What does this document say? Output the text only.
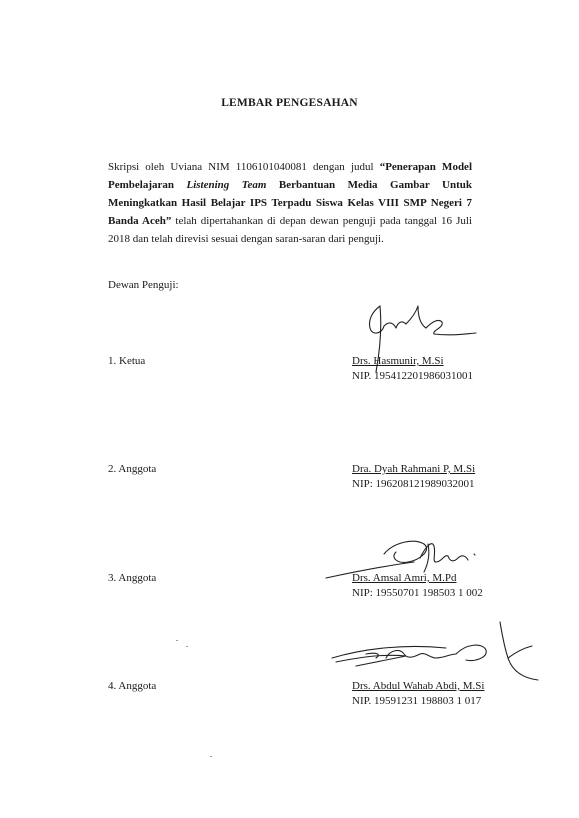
LEMBAR PENGESAHAN
Skripsi oleh Uviana NIM 1106101040081 dengan judul “Penerapan Model Pembelajaran Listening Team Berbantuan Media Gambar Untuk Meningkatkan Hasil Belajar IPS Terpadu Siswa Kelas VIII SMP Negeri 7 Banda Aceh” telah dipertahankan di depan dewan penguji pada tanggal 16 Juli 2018 dan telah direvisi sesuai dengan saran-saran dari penguji.
Dewan Penguji:
1. Ketua	Drs. Hasmunir, M.Si
NIP. 195412201986031001
2. Anggota	Dra. Dyah Rahmani P, M.Si
NIP: 196208121989032001
3. Anggota	Drs. Amsal Amri, M.Pd
NIP: 19550701 198503 1 002
4. Anggota	Drs. Abdul Wahab Abdi, M.Si
NIP. 19591231 198803 1 017
